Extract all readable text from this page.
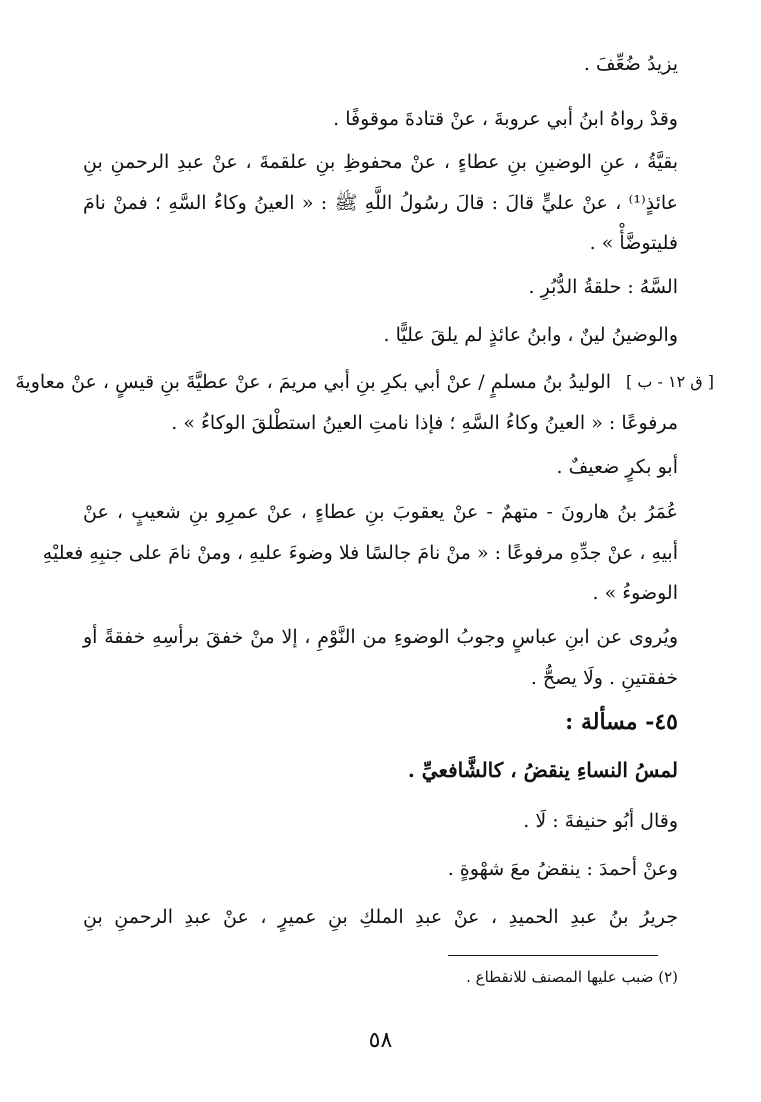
يزيدُ ضُعِّفَ .
وقدْ رواهُ ابنُ أبي عروبةَ ، عنْ قتادةَ موقوفًا .
بقيَّةُ ، عنِ الوضينِ بنِ عطاءٍ ، عنْ محفوظِ بنِ علقمةَ ، عنْ عبدِ الرحمنِ بنِ
عائذٍ⁽¹⁾ ، عنْ عليٍّ قالَ : قالَ رسُولُ اللَّهِ ﷺ : « العينُ وكاءُ السَّهِ ؛ فمنْ نامَ
فليتوضَّأْ » .
السَّهُ : حلقةُ الدُّبُرِ .
والوضينُ لينٌ ، وابنُ عائذٍ لم يلقَ عليًّا .
[ ق ١٢ - ب ]
الوليدُ بنُ مسلمٍ / عنْ أبي بكرِ بنِ أبي مريمَ ، عنْ عطيَّةَ بنِ قيسٍ ، عنْ معاويةَ
مرفوعًا : « العينُ وكاءُ السَّهِ ؛ فإذا نامتِ العينُ استطْلقَ الوكاءُ » .
أبو بكرٍ ضعيفٌ .
عُمَرُ بنُ هارونَ - متهمٌ - عنْ يعقوبَ بنِ عطاءٍ ، عنْ عمرِو بنِ شعيبٍ ، عنْ
أبيهِ ، عنْ جدِّهِ مرفوعًا : « منْ نامَ جالسًا فلا وضوءَ عليهِ ، ومنْ نامَ على جنبِهِ فعليْهِ
الوضوءُ » .
ويُروى عن ابنِ عباسٍ وجوبُ الوضوءِ من النَّوْمِ ، إلا منْ خفقَ برأسِهِ خفقةً أو
خفقتينِ . ولَا يصحُّ .
٤٥- مسألة :
لمسُ النساءِ ينقضُ ، كالشَّافعيِّ .
وقال أبُو حنيفةَ : لَا .
وعنْ أحمدَ : ينقضُ معَ شهْوةٍ .
جريرُ بنُ عبدِ الحميدِ ، عنْ عبدِ الملكِ بنِ عميرٍ ، عنْ عبدِ الرحمنِ بنِ
(٢) ضبب عليها المصنف للانقطاع .
٥٨
